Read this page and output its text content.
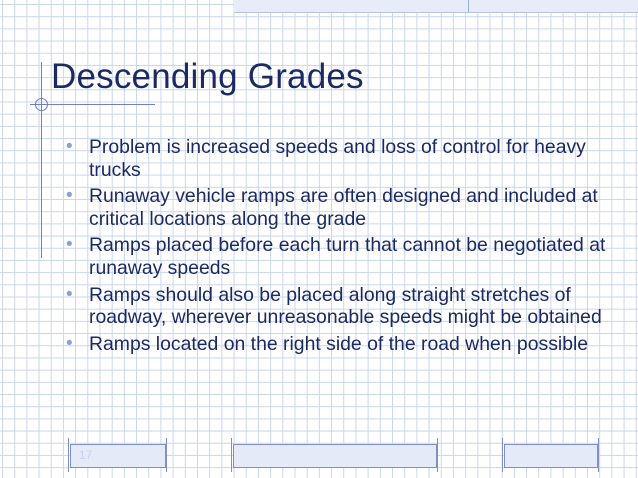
Descending Grades
• Problem is increased speeds and loss of control for heavy trucks
• Runaway vehicle ramps are often designed and included at critical locations along the grade
• Ramps placed before each turn that cannot be negotiated at runaway speeds
• Ramps should also be placed along straight stretches of roadway, wherever unreasonable speeds might be obtained
• Ramps located on the right side of the road when possible
17
